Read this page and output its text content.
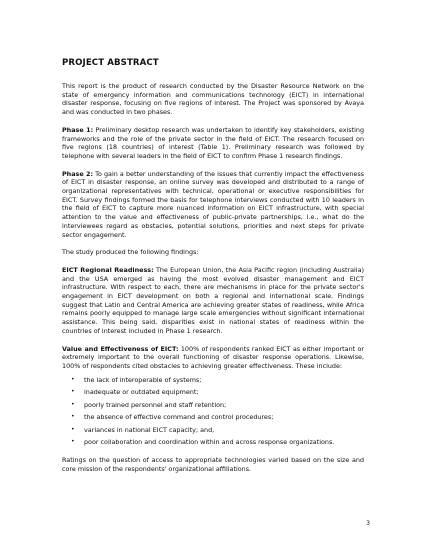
PROJECT ABSTRACT

This report is the product of research conducted by the Disaster Resource Network on the state of emergency information and communications technology (EICT) in international disaster response, focusing on five regions of interest. The Project was sponsored by Avaya and was conducted in two phases.

Phase 1: Preliminary desktop research was undertaken to identify key stakeholders, existing frameworks and the role of the private sector in the field of EICT. The research focused on five regions (18 countries) of interest (Table 1). Preliminary research was followed by telephone with several leaders in the field of EICT to confirm Phase 1 research findings.

Phase 2: To gain a better understanding of the issues that currently impact the effectiveness of EICT in disaster response, an online survey was developed and distributed to a range of organizational representatives with technical, operational or executive responsibilities for EICT. Survey findings formed the basis for telephone interviews conducted with 10 leaders in the field of EICT to capture more nuanced information on EICT infrastructure, with special attention to the value and effectiveness of public-private partnerships, i.e., what do the interviewees regard as obstacles, potential solutions, priorities and next steps for private sector engagement.

The study produced the following findings:

EICT Regional Readiness: The European Union, the Asia Pacific region (including Australia) and the USA emerged as having the most evolved disaster management and EICT infrastructure. With respect to each, there are mechanisms in place for the private sector's engagement in EICT development on both a regional and international scale. Findings suggest that Latin and Central America are achieving greater states of readiness, while Africa remains poorly equipped to manage large scale emergencies without significant international assistance. This being said, disparities exist in national states of readiness within the countries of interest included in Phase 1 research.

Value and Effectiveness of EICT: 100% of respondents ranked EICT as either important or extremely important to the overall functioning of disaster response operations. Likewise, 100% of respondents cited obstacles to achieving greater effectiveness. These include:

• the lack of interoperable of systems;
• inadequate or outdated equipment;
• poorly trained personnel and staff retention;
• the absence of effective command and control procedures;
• variances in national EICT capacity; and,
• poor collaboration and coordination within and across response organizations.

Ratings on the question of access to appropriate technologies varied based on the size and core mission of the respondents' organizational affiliations.

3
